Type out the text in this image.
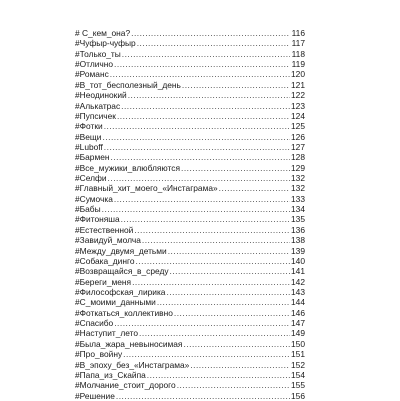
# С_кем_она? .....	116
#Чуфыр-чуфыр .....	117
#Только_ты .....	118
#Отлично .....	119
#Романс .....	120
#В_тот_бесполезный_день .....	121
#Неодинокий .....	122
#Алькатрас .....	123
#Пупсичек .....	124
#Фотки .....	125
#Вещи .....	126
#Luboff .....	127
#Бармен .....	128
#Все_мужики_влюбляются .....	129
#Селфи .....	132
#Главный_хит_моего_«Инстаграма» .....	132
#Сумочка .....	133
#Бабы .....	134
#Фитоняша .....	135
#Естественной .....	136
#Завидуй_молча .....	138
#Между_двумя_детьми .....	139
#Собака_динго .....	140
#Возвращайся_в_среду .....	141
#Береги_меня .....	142
#Философская_лирика .....	143
#С_моими_данными .....	144
#Фоткаться_коллективно .....	146
#Спасибо .....	147
#Наступит_лето .....	149
#Была_жара_невыносимая .....	150
#Про_войну .....	151
#В_эпоху_без_«Инстаграма» .....	152
#Папа_из_Скайпа .....	154
#Молчание_стоит_дорого .....	155
#Решение .....	156
